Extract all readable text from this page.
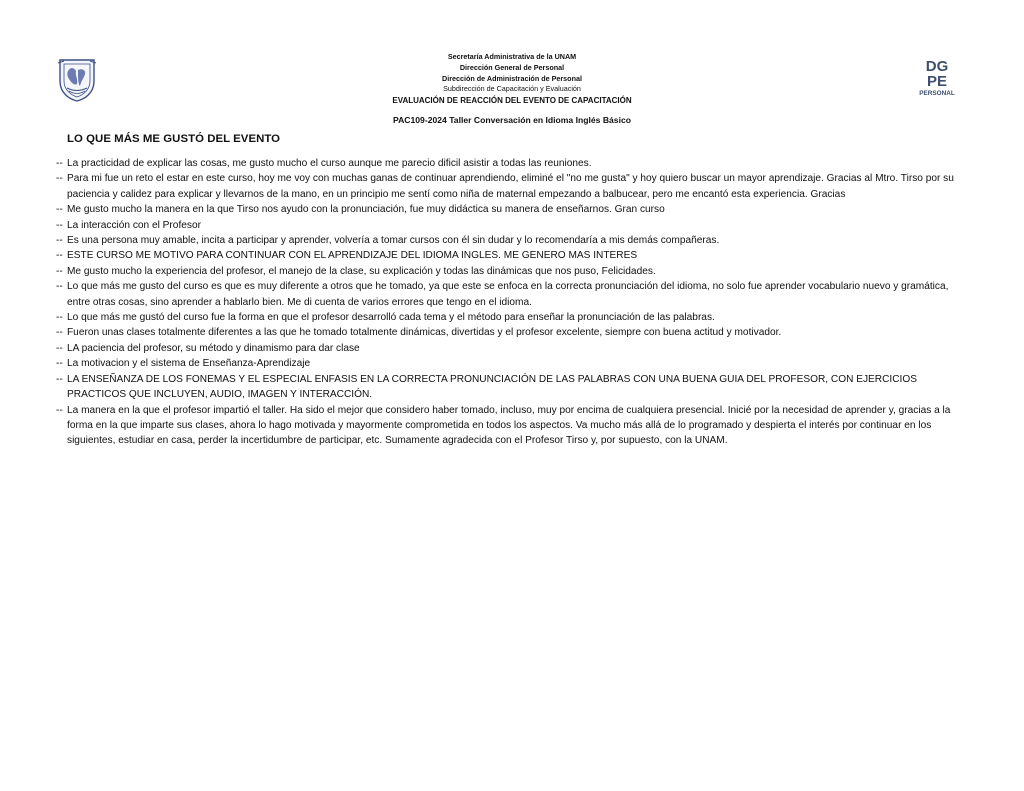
DG
PE
PERSONAL
Secretaría Administrativa de la UNAM
Dirección General de Personal
Dirección de Administración de Personal
Subdirección de Capacitación y Evaluación
EVALUACIÓN DE REACCIÓN DEL EVENTO DE CAPACITACIÓN
PAC109-2024 Taller Conversación en Idioma Inglés Básico
LO QUE MÁS ME GUSTÓ DEL EVENTO
-- La practicidad de explicar las cosas, me gusto mucho el curso aunque me parecio dificil asistir a todas las reuniones.
-- Para mi fue un reto el estar en este curso, hoy me voy con muchas ganas de continuar aprendiendo, eliminé el "no me gusta" y hoy quiero buscar un mayor aprendizaje. Gracias al Mtro. Tirso por su paciencia y calidez para explicar y llevarnos de la mano, en un principio me sentí como niña de maternal empezando a balbucear, pero me encantó esta experiencia. Gracias
-- Me gusto mucho la manera en la que Tirso nos ayudo con la pronunciación, fue muy didáctica su manera de enseñarnos. Gran curso
-- La interacción con el Profesor
-- Es una persona muy amable, incita a participar y aprender, volvería a tomar cursos con él sin dudar y lo recomendaría a mis demás compañeras.
-- ESTE CURSO ME MOTIVO PARA CONTINUAR CON EL APRENDIZAJE DEL IDIOMA INGLES. ME GENERO MAS INTERES
-- Me gusto mucho la experiencia del profesor, el manejo de la clase, su explicación y todas las dinámicas que nos puso, Felicidades.
-- Lo que más me gusto del curso es que es muy diferente a otros que he tomado, ya que este se enfoca en la correcta pronunciación del idioma, no solo fue aprender vocabulario nuevo y gramática, entre otras cosas, sino aprender a hablarlo bien. Me di cuenta de varios errores que tengo en el idioma.
-- Lo que más me gustó del curso fue la forma en que el profesor desarrolló cada tema y el método para enseñar la pronunciación de las palabras.
-- Fueron unas clases totalmente diferentes a las que he tomado totalmente dinámicas, divertidas y el profesor excelente, siempre con buena actitud y motivador.
-- LA paciencia del profesor, su método y dinamismo para dar clase
-- La motivacion y el sistema de Enseñanza-Aprendizaje
-- LA ENSEÑANZA DE LOS FONEMAS Y EL ESPECIAL ENFASIS EN LA CORRECTA PRONUNCIACIÓN DE LAS PALABRAS CON UNA BUENA GUIA DEL PROFESOR, CON EJERCICIOS PRACTICOS QUE INCLUYEN, AUDIO, IMAGEN Y INTERACCIÓN.
-- La manera en la que el profesor impartió el taller. Ha sido el mejor que considero haber tomado, incluso, muy por encima de cualquiera presencial. Inicié por la necesidad de aprender y, gracias a la forma en la que imparte sus clases, ahora lo hago motivada y mayormente comprometida en todos los aspectos. Va mucho más allá de lo programado y despierta el interés por continuar en los siguientes, estudiar en casa, perder la incertidumbre de participar, etc. Sumamente agradecida con el Profesor Tirso y, por supuesto, con la UNAM.
